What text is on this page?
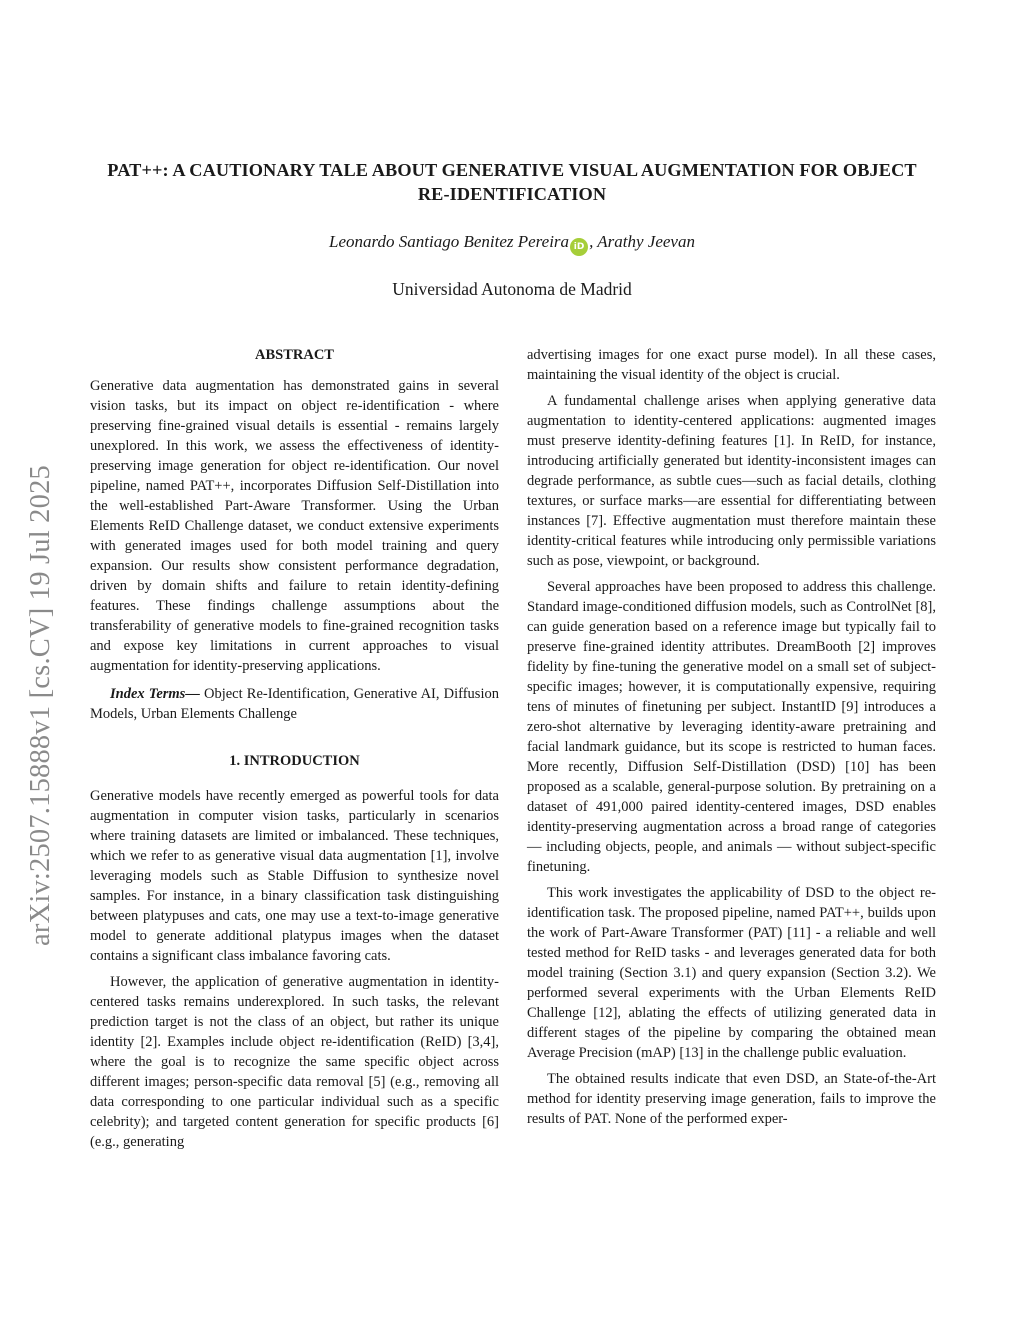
arXiv:2507.15888v1 [cs.CV] 19 Jul 2025
PAT++: A CAUTIONARY TALE ABOUT GENERATIVE VISUAL AUGMENTATION FOR OBJECT RE-IDENTIFICATION
Leonardo Santiago Benitez Pereira iD , Arathy Jeevan
Universidad Autonoma de Madrid
ABSTRACT

Generative data augmentation has demonstrated gains in several vision tasks, but its impact on object re-identification - where preserving fine-grained visual details is essential - remains largely unexplored. In this work, we assess the effectiveness of identity-preserving image generation for object re-identification. Our novel pipeline, named PAT++, incorporates Diffusion Self-Distillation into the well-established Part-Aware Transformer. Using the Urban Elements ReID Challenge dataset, we conduct extensive experiments with generated images used for both model training and query expansion. Our results show consistent performance degradation, driven by domain shifts and failure to retain identity-defining features. These findings challenge assumptions about the transferability of generative models to fine-grained recognition tasks and expose key limitations in current approaches to visual augmentation for identity-preserving applications.

Index Terms— Object Re-Identification, Generative AI, Diffusion Models, Urban Elements Challenge

1. INTRODUCTION

Generative models have recently emerged as powerful tools for data augmentation in computer vision tasks, particularly in scenarios where training datasets are limited or imbalanced. These techniques, which we refer to as generative visual data augmentation [1], involve leveraging models such as Stable Diffusion to synthesize novel samples. For instance, in a binary classification task distinguishing between platypuses and cats, one may use a text-to-image generative model to generate additional platypus images when the dataset contains a significant class imbalance favoring cats.

However, the application of generative augmentation in identity-centered tasks remains underexplored. In such tasks, the relevant prediction target is not the class of an object, but rather its unique identity [2]. Examples include object re-identification (ReID) [3,4], where the goal is to recognize the same specific object across different images; person-specific data removal [5] (e.g., removing all data corresponding to one particular individual such as a specific celebrity); and targeted content generation for specific products [6] (e.g., generating

advertising images for one exact purse model). In all these cases, maintaining the visual identity of the object is crucial.

A fundamental challenge arises when applying generative data augmentation to identity-centered applications: augmented images must preserve identity-defining features [1]. In ReID, for instance, introducing artificially generated but identity-inconsistent images can degrade performance, as subtle cues—such as facial details, clothing textures, or surface marks—are essential for differentiating between instances [7]. Effective augmentation must therefore maintain these identity-critical features while introducing only permissible variations such as pose, viewpoint, or background.

Several approaches have been proposed to address this challenge. Standard image-conditioned diffusion models, such as ControlNet [8], can guide generation based on a reference image but typically fail to preserve fine-grained identity attributes. DreamBooth [2] improves fidelity by fine-tuning the generative model on a small set of subject-specific images; however, it is computationally expensive, requiring tens of minutes of finetuning per subject. InstantID [9] introduces a zero-shot alternative by leveraging identity-aware pretraining and facial landmark guidance, but its scope is restricted to human faces. More recently, Diffusion Self-Distillation (DSD) [10] has been proposed as a scalable, general-purpose solution. By pretraining on a dataset of 491,000 paired identity-centered images, DSD enables identity-preserving augmentation across a broad range of categories — including objects, people, and animals — without subject-specific finetuning.

This work investigates the applicability of DSD to the object re-identification task. The proposed pipeline, named PAT++, builds upon the work of Part-Aware Transformer (PAT) [11] - a reliable and well tested method for ReID tasks - and leverages generated data for both model training (Section 3.1) and query expansion (Section 3.2). We performed several experiments with the Urban Elements ReID Challenge [12], ablating the effects of utilizing generated data in different stages of the pipeline by comparing the obtained mean Average Precision (mAP) [13] in the challenge public evaluation.

The obtained results indicate that even DSD, an State-of-the-Art method for identity preserving image generation, fails to improve the results of PAT. None of the performed exper-
